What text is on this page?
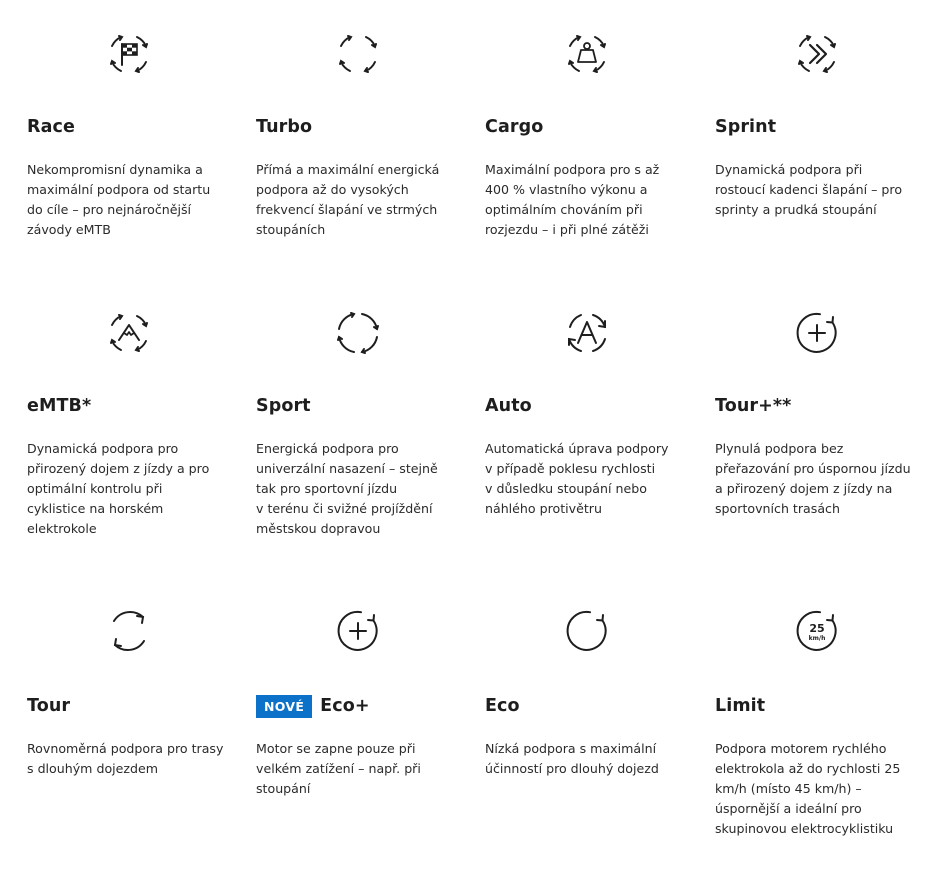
Race
Nekompromisní dynamika a
maximální podpora od startu
do cíle – pro nejnáročnější
závody eMTB
Turbo
Přímá a maximální energická
podpora až do vysokých
frekvencí šlapání ve strmých
stoupáních
Cargo
Maximální podpora pro s až
400 % vlastního výkonu a
optimálním chováním při
rozjezdu – i při plné zátěži
Sprint
Dynamická podpora při
rostoucí kadenci šlapání – pro
sprinty a prudká stoupání
eMTB*
Dynamická podpora pro
přirozený dojem z jízdy a pro
optimální kontrolu při
cyklistice na horském
elektrokole
Sport
Energická podpora pro
univerzální nasazení – stejně
tak pro sportovní jízdu
v terénu či svižné projíždění
městskou dopravou
Auto
Automatická úprava podpory
v případě poklesu rychlosti
v důsledku stoupání nebo
náhlého protivětru
Tour+**
Plynulá podpora bez
přeřazování pro úspornou jízdu
a přirozený dojem z jízdy na
sportovních trasách
Tour
Rovnoměrná podpora pro trasy
s dlouhým dojezdem
NOVÉ Eco+
Motor se zapne pouze při
velkém zatížení – např. při
stoupání
Eco
Nízká podpora s maximální
účinností pro dlouhý dojezd
25
km/h
Limit
Podpora motorem rychlého
elektrokola až do rychlosti 25
km/h (místo 45 km/h) –
úspornější a ideální pro
skupinovou elektrocyklistiku
